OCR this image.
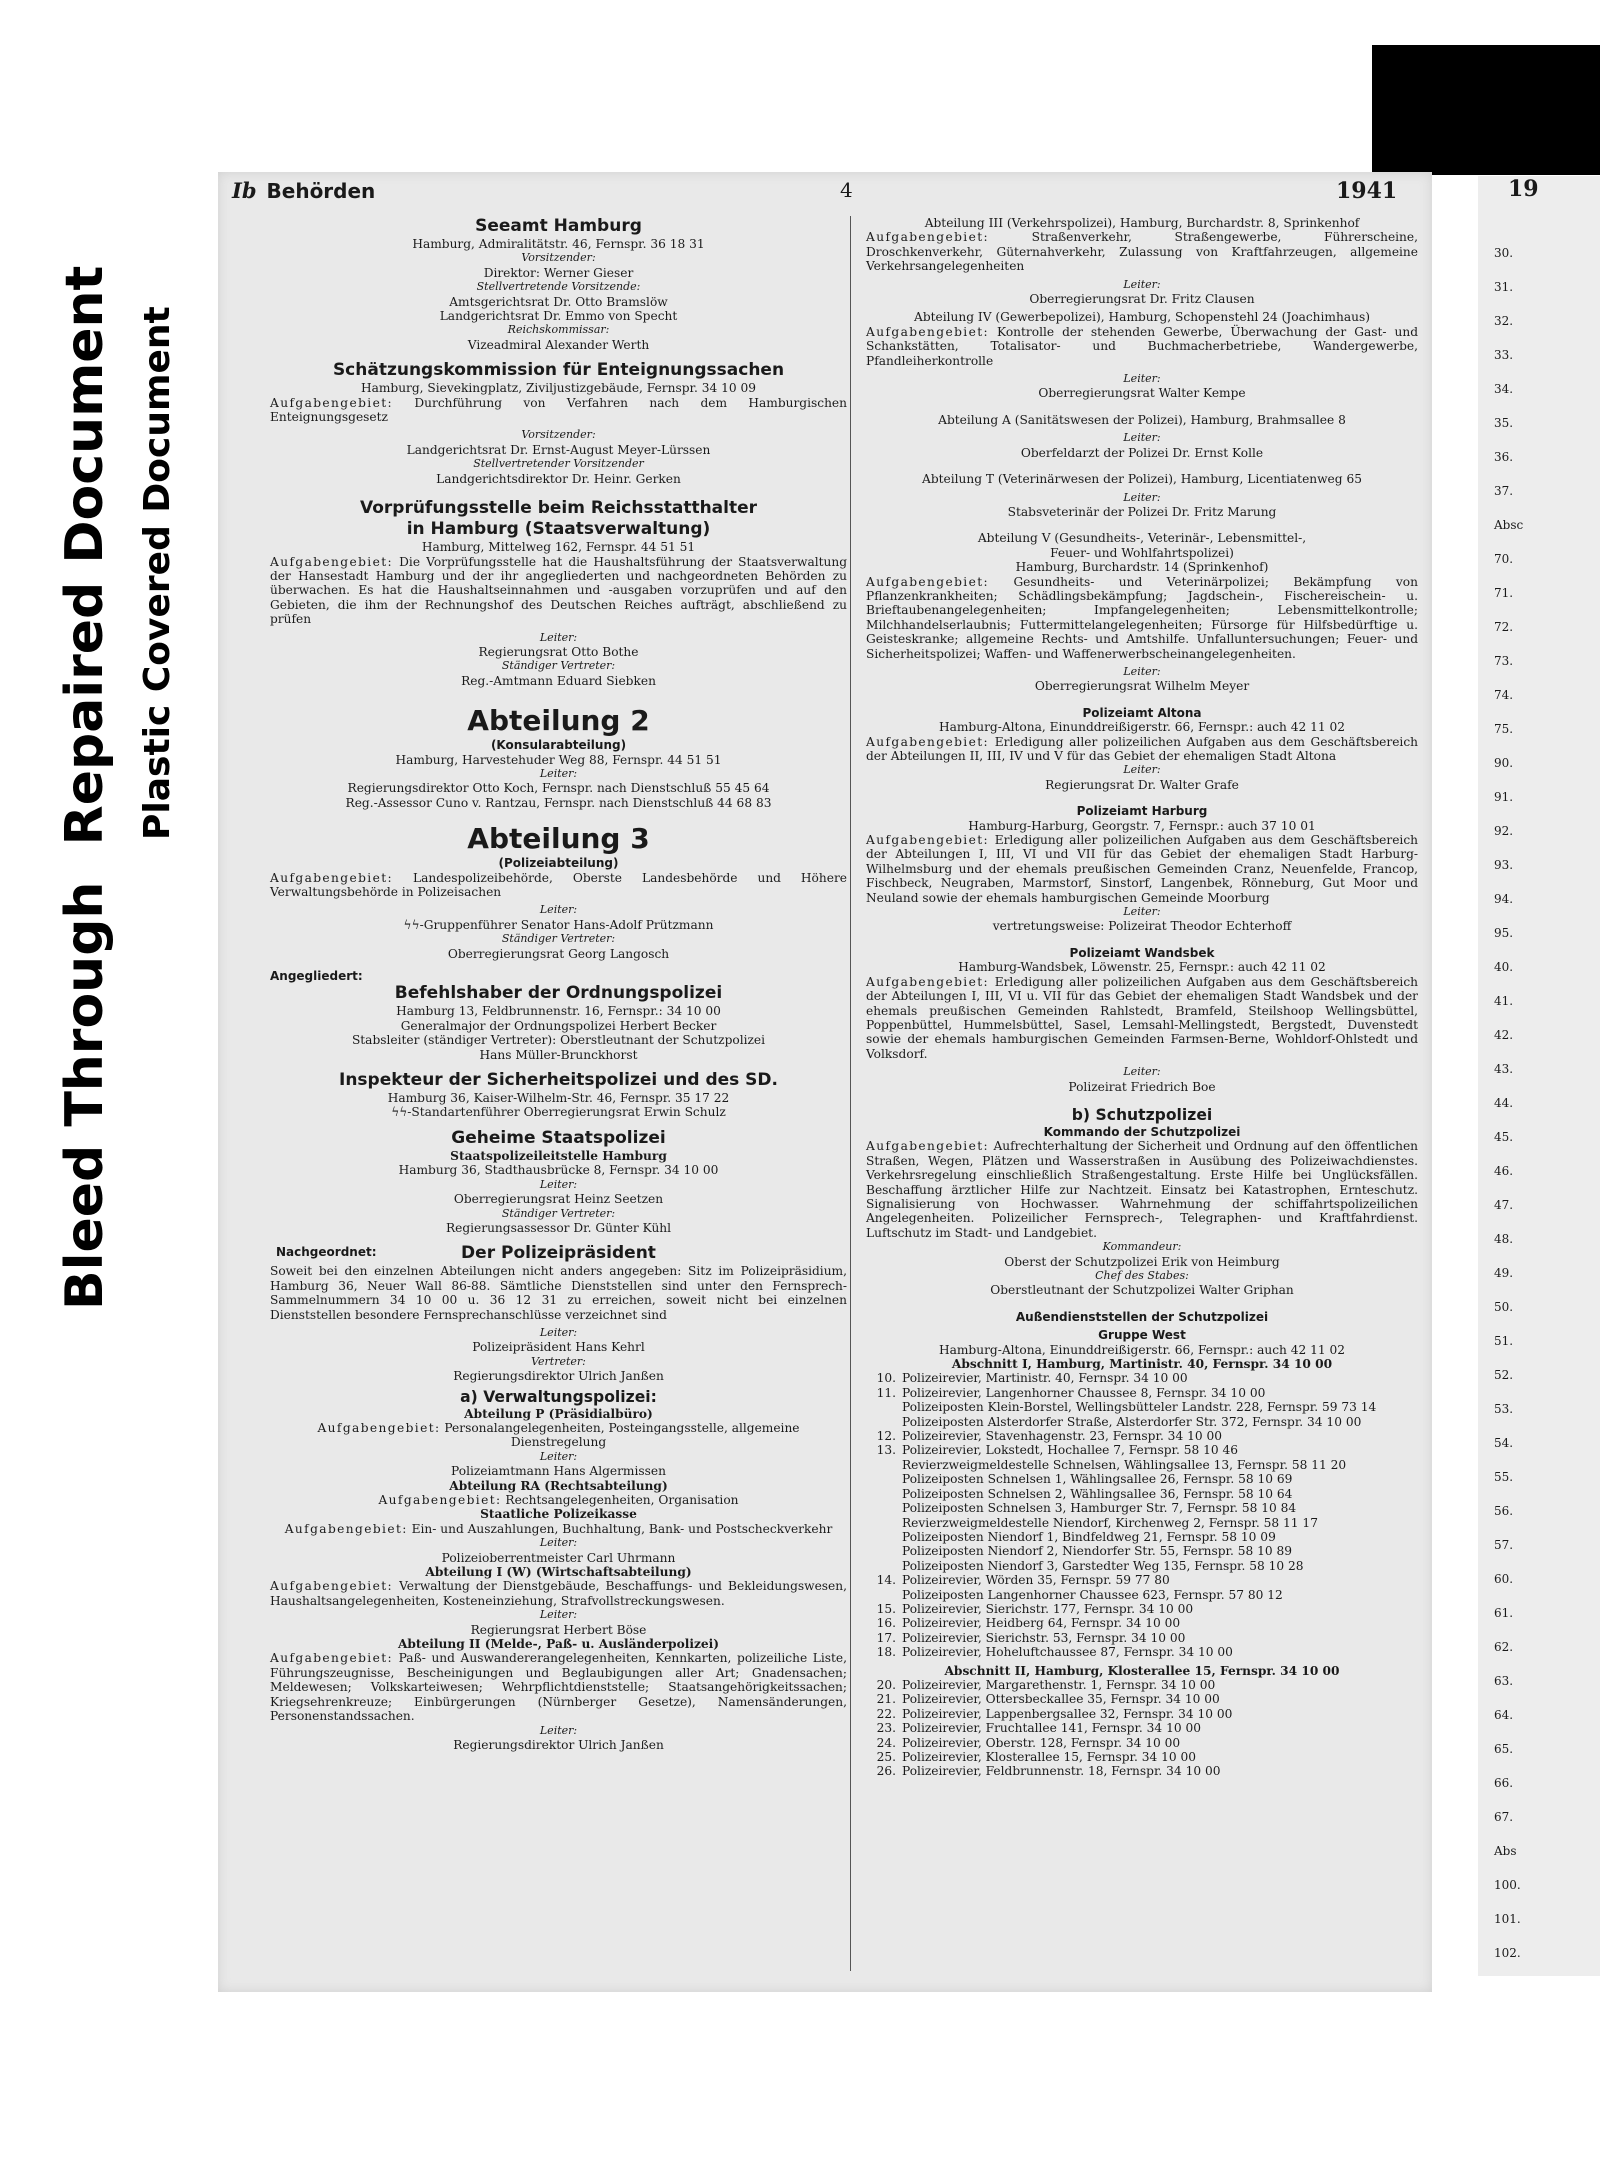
Bleed Through  Repaired Document Plastic Covered Document
19
30.
31.
32.
33.
34.
35.
36.
37.
Absc
70.
71.
72.
73.
74.
75.
90.
91.
92.
93.
94.
95.
40.
41.
42.
43.
44.
45.
46.
47.
48.
49.
50.
51.
52.
53.
54.
55.
56.
57.
60.
61.
62.
63.
64.
65.
66.
67.
Abs
100.
101.
102.
Ib Behörden	4	1941
Seeamt Hamburg
Hamburg, Admiralitätstr. 46, Fernspr. 36 18 31
Vorsitzender:
Direktor: Werner Gieser
Stellvertretende Vorsitzende:
Amtsgerichtsrat Dr. Otto Bramslöw
Landgerichtsrat Dr. Emmo von Specht
Reichskommissar:
Vizeadmiral Alexander Werth
Schätzungskommission für Enteignungssachen
Hamburg, Sievekingplatz, Ziviljustizgebäude, Fernspr. 34 10 09
Aufgabengebiet: Durchführung von Verfahren nach dem Hamburgischen Enteignungsgesetz
Vorsitzender:
Landgerichtsrat Dr. Ernst-August Meyer-Lürssen
Stellvertretender Vorsitzender
Landgerichtsdirektor Dr. Heinr. Gerken
Vorprüfungsstelle beim Reichsstatthalter
in Hamburg (Staatsverwaltung)
Hamburg, Mittelweg 162, Fernspr. 44 51 51
Aufgabengebiet: Die Vorprüfungsstelle hat die Haushaltsführung der Staatsverwaltung der Hansestadt Hamburg und der ihr angegliederten und nachgeordneten Behörden zu überwachen. Es hat die Haushaltseinnahmen und -ausgaben vorzuprüfen und auf den Gebieten, die ihm der Rechnungshof des Deutschen Reiches aufträgt, abschließend zu prüfen
Leiter:
Regierungsrat Otto Bothe
Ständiger Vertreter:
Reg.-Amtmann Eduard Siebken
Abteilung 2
(Konsularabteilung)
Hamburg, Harvestehuder Weg 88, Fernspr. 44 51 51
Leiter:
Regierungsdirektor Otto Koch, Fernspr. nach Dienstschluß 55 45 64
Reg.-Assessor Cuno v. Rantzau, Fernspr. nach Dienstschluß 44 68 83
Abteilung 3
(Polizeiabteilung)
Aufgabengebiet: Landespolizeibehörde, Oberste Landesbehörde und Höhere Verwaltungsbehörde in Polizeisachen
Leiter:
ϟϟ-Gruppenführer Senator Hans-Adolf Prützmann
Ständiger Vertreter:
Oberregierungsrat Georg Langosch
Angegliedert:
Befehlshaber der Ordnungspolizei
Hamburg 13, Feldbrunnenstr. 16, Fernspr.: 34 10 00
Generalmajor der Ordnungspolizei Herbert Becker
Stabsleiter (ständiger Vertreter): Oberstleutnant der Schutzpolizei
Hans Müller-Brunckhorst
Inspekteur der Sicherheitspolizei und des SD.
Hamburg 36, Kaiser-Wilhelm-Str. 46, Fernspr. 35 17 22
ϟϟ-Standartenführer Oberregierungsrat Erwin Schulz
Geheime Staatspolizei
Staatspolizeileitstelle Hamburg
Hamburg 36, Stadthausbrücke 8, Fernspr. 34 10 00
Leiter:
Oberregierungsrat Heinz Seetzen
Ständiger Vertreter:
Regierungsassessor Dr. Günter Kühl
Nachgeordnet:	Der Polizeipräsident
Soweit bei den einzelnen Abteilungen nicht anders angegeben: Sitz im Polizeipräsidium, Hamburg 36, Neuer Wall 86-88. Sämtliche Dienststellen sind unter den Fernsprech-Sammelnummern 34 10 00 u. 36 12 31 zu erreichen, soweit nicht bei einzelnen Dienststellen besondere Fernsprechanschlüsse verzeichnet sind
Leiter:
Polizeipräsident Hans Kehrl
Vertreter:
Regierungsdirektor Ulrich Janßen
a) Verwaltungspolizei:
Abteilung P (Präsidialbüro)
Aufgabengebiet: Personalangelegenheiten, Posteingangsstelle, allgemeine Dienstregelung
Leiter:
Polizeiamtmann Hans Algermissen
Abteilung RA (Rechtsabteilung)
Aufgabengebiet: Rechtsangelegenheiten, Organisation
Staatliche Polizeikasse
Aufgabengebiet: Ein- und Auszahlungen, Buchhaltung, Bank- und Postscheckverkehr
Leiter:
Polizeioberrentmeister Carl Uhrmann
Abteilung I (W) (Wirtschaftsabteilung)
Aufgabengebiet: Verwaltung der Dienstgebäude, Beschaffungs- und Bekleidungswesen, Haushaltsangelegenheiten, Kosteneinziehung, Strafvollstreckungswesen.
Leiter:
Regierungsrat Herbert Böse
Abteilung II (Melde-, Paß- u. Ausländerpolizei)
Aufgabengebiet: Paß- und Auswandererangelegenheiten, Kennkarten, polizeiliche Liste, Führungszeugnisse, Bescheinigungen und Beglaubigungen aller Art; Gnadensachen; Meldewesen; Volkskarteiwesen; Wehrpflichtdienststelle; Staatsangehörigkeitssachen; Kriegsehrenkreuze; Einbürgerungen (Nürnberger Gesetze), Namensänderungen, Personenstandssachen.
Leiter:
Regierungsdirektor Ulrich Janßen
Abteilung III (Verkehrspolizei), Hamburg, Burchardstr. 8, Sprinkenhof
Aufgabengebiet:	Straßenverkehr, Straßengewerbe, Führerscheine, Droschkenverkehr, Güternahverkehr, Zulassung von Kraftfahrzeugen, allgemeine Verkehrsangelegenheiten
Leiter:
Oberregierungsrat Dr. Fritz Clausen
Abteilung IV (Gewerbepolizei), Hamburg, Schopenstehl 24 (Joachimhaus)
Aufgabengebiet: Kontrolle der stehenden Gewerbe, Überwachung der Gast- und Schankstätten, Totalisator- und Buchmacherbetriebe, Wandergewerbe, Pfandleiherkontrolle
Leiter:
Oberregierungsrat Walter Kempe
Abteilung A (Sanitätswesen der Polizei), Hamburg, Brahmsallee 8
Leiter:
Oberfeldarzt der Polizei Dr. Ernst Kolle
Abteilung T (Veterinärwesen der Polizei), Hamburg, Licentiatenweg 65
Leiter:
Stabsveterinär der Polizei Dr. Fritz Marung
Abteilung V (Gesundheits-, Veterinär-, Lebensmittel-,
Feuer- und Wohlfahrtspolizei)
Hamburg, Burchardstr. 14 (Sprinkenhof)
Aufgabengebiet: Gesundheits- und Veterinärpolizei; Bekämpfung von Pflanzenkrankheiten; Schädlingsbekämpfung; Jagdschein-, Fischereischein- u. Brieftaubenangelegenheiten; Impfangelegenheiten; Lebensmittelkontrolle; Milchhandelserlaubnis; Futtermittelangelegenheiten; Fürsorge für Hilfsbedürftige u. Geisteskranke; allgemeine Rechts- und Amtshilfe. Unfalluntersuchungen; Feuer- und Sicherheitspolizei; Waffen- und Waffenerwerbscheinangelegenheiten.
Leiter:
Oberregierungsrat Wilhelm Meyer
Polizeiamt Altona
Hamburg-Altona, Einunddreißigerstr. 66, Fernspr.: auch 42 11 02
Aufgabengebiet: Erledigung aller polizeilichen Aufgaben aus dem Geschäftsbereich der Abteilungen II, III, IV und V für das Gebiet der ehemaligen Stadt Altona
Leiter:
Regierungsrat Dr. Walter Grafe
Polizeiamt Harburg
Hamburg-Harburg, Georgstr. 7, Fernspr.: auch 37 10 01
Aufgabengebiet: Erledigung aller polizeilichen Aufgaben aus dem Geschäftsbereich der Abteilungen I, III, VI und VII für das Gebiet der ehemaligen Stadt Harburg-Wilhelmsburg und der ehemals preußischen Gemeinden Cranz, Neuenfelde, Francop, Fischbeck, Neugraben, Marmstorf, Sinstorf, Langenbek, Rönneburg, Gut Moor und Neuland sowie der ehemals hamburgischen Gemeinde Moorburg
Leiter:
vertretungsweise: Polizeirat Theodor Echterhoff
Polizeiamt Wandsbek
Hamburg-Wandsbek, Löwenstr. 25, Fernspr.: auch 42 11 02
Aufgabengebiet: Erledigung aller polizeilichen Aufgaben aus dem Geschäftsbereich der Abteilungen I, III, VI u. VII für das Gebiet der ehemaligen Stadt Wandsbek und der ehemals preußischen Gemeinden Rahlstedt, Bramfeld, Steilshoop Wellingsbüttel, Poppenbüttel, Hummelsbüttel, Sasel, Lemsahl-Mellingstedt, Bergstedt, Duvenstedt sowie der ehemals hamburgischen Gemeinden Farmsen-Berne, Wohldorf-Ohlstedt und Volksdorf.
Leiter:
Polizeirat Friedrich Boe
b) Schutzpolizei
Kommando der Schutzpolizei
Aufgabengebiet: Aufrechterhaltung der Sicherheit und Ordnung auf den öffentlichen Straßen, Wegen, Plätzen und Wasserstraßen in Ausübung des Polizeiwachdienstes. Verkehrsregelung einschließlich Straßengestaltung. Erste Hilfe bei Unglücksfällen. Beschaffung ärztlicher Hilfe zur Nachtzeit. Einsatz bei Katastrophen, Ernteschutz. Signalisierung von Hochwasser. Wahrnehmung der schiffahrtspolizeilichen Angelegenheiten. Polizeilicher Fernsprech-, Telegraphen- und Kraftfahrdienst. Luftschutz im Stadt- und Landgebiet.
Kommandeur:
Oberst der Schutzpolizei Erik von Heimburg
Chef des Stabes:
Oberstleutnant der Schutzpolizei Walter Griphan
Außendienststellen der Schutzpolizei
Gruppe West
Hamburg-Altona, Einunddreißigerstr. 66, Fernspr.: auch 42 11 02
Abschnitt I, Hamburg, Martinistr. 40, Fernspr. 34 10 00
10. Polizeirevier, Martinistr. 40, Fernspr. 34 10 00
11. Polizeirevier, Langenhorner Chaussee 8, Fernspr. 34 10 00
Polizeiposten Klein-Borstel, Wellingsbütteler Landstr. 228, Fernspr. 59 73 14
Polizeiposten Alsterdorfer Straße, Alsterdorfer Str. 372, Fernspr. 34 10 00
12. Polizeirevier, Stavenhagenstr. 23, Fernspr. 34 10 00
13. Polizeirevier, Lokstedt, Hochallee 7, Fernspr. 58 10 46
Revierzweigmeldestelle Schnelsen, Wählingsallee 13, Fernspr. 58 11 20
Polizeiposten Schnelsen 1, Wählingsallee 26, Fernspr. 58 10 69
Polizeiposten Schnelsen 2, Wählingsallee 36, Fernspr. 58 10 64
Polizeiposten Schnelsen 3, Hamburger Str. 7, Fernspr. 58 10 84
Revierzweigmeldestelle Niendorf, Kirchenweg 2, Fernspr. 58 11 17
Polizeiposten Niendorf 1, Bindfeldweg 21, Fernspr. 58 10 09
Polizeiposten Niendorf 2, Niendorfer Str. 55, Fernspr. 58 10 89
Polizeiposten Niendorf 3, Garstedter Weg 135, Fernspr. 58 10 28
14. Polizeirevier, Wörden 35, Fernspr. 59 77 80
Polizeiposten Langenhorner Chaussee 623, Fernspr. 57 80 12
15. Polizeirevier, Sierichstr. 177, Fernspr. 34 10 00
16. Polizeirevier, Heidberg 64, Fernspr. 34 10 00
17. Polizeirevier, Sierichstr. 53, Fernspr. 34 10 00
18. Polizeirevier, Hoheluftchaussee 87, Fernspr. 34 10 00
Abschnitt II, Hamburg, Klosterallee 15, Fernspr. 34 10 00
20. Polizeirevier, Margarethenstr. 1, Fernspr. 34 10 00
21. Polizeirevier, Ottersbeckallee 35, Fernspr. 34 10 00
22. Polizeirevier, Lappenbergsallee 32, Fernspr. 34 10 00
23. Polizeirevier, Fruchtallee 141, Fernspr. 34 10 00
24. Polizeirevier, Oberstr. 128, Fernspr. 34 10 00
25. Polizeirevier, Klosterallee 15, Fernspr. 34 10 00
26. Polizeirevier, Feldbrunnenstr. 18, Fernspr. 34 10 00
